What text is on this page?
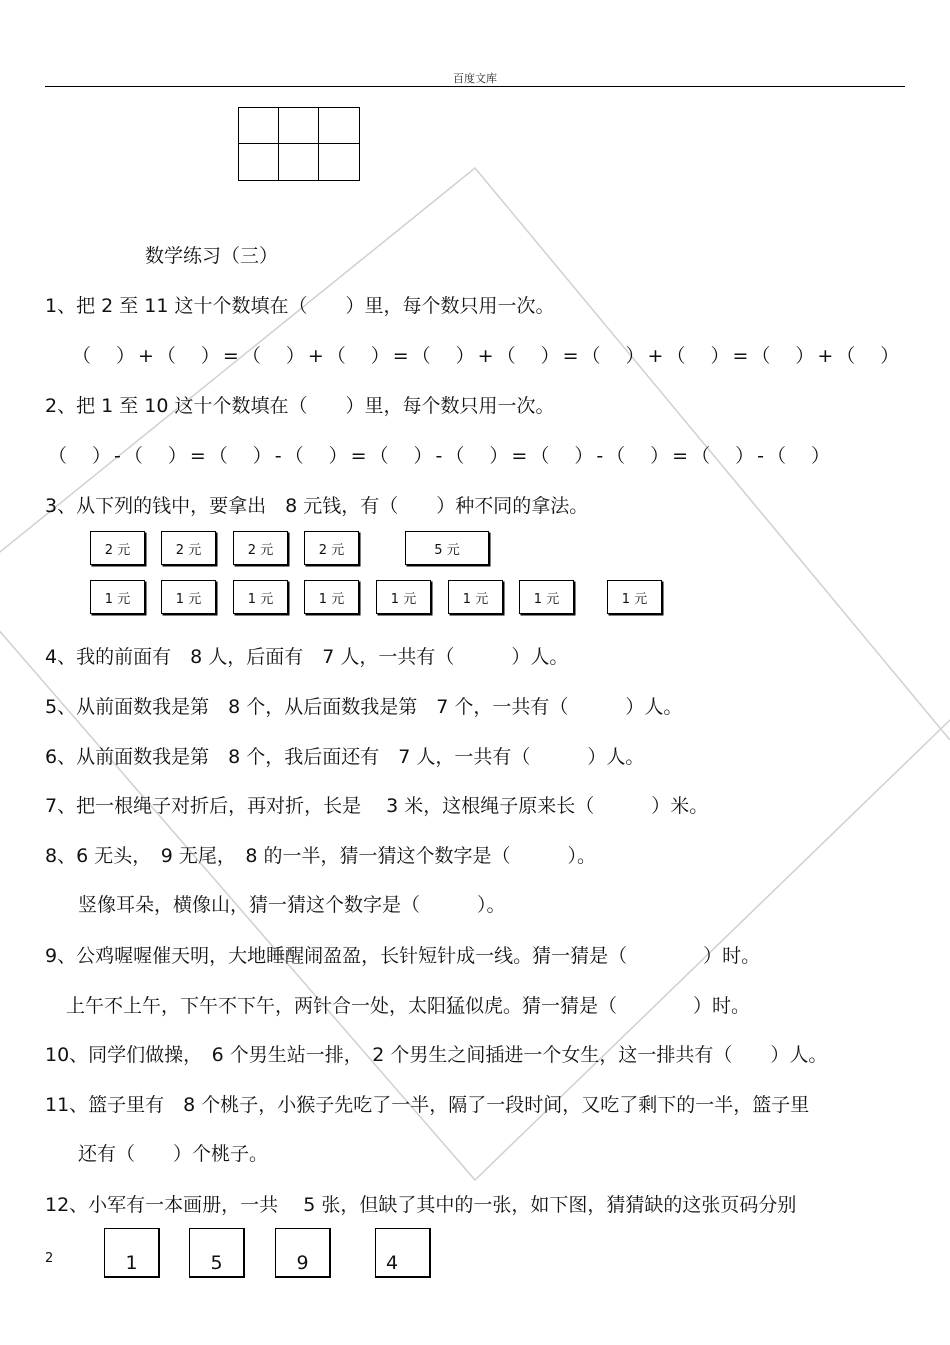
百度文库
数学练习（三）
1、把 2 至 11 这十个数填在（　　）里，每个数只用一次。
（　）+（　）=（　）+（　）=（　）+（　）=（　）+（　）=（　）+（　）
2、把 1 至 10 这十个数填在（　　）里，每个数只用一次。
（　）-（　）=（　）-（　）=（　）-（　）=（　）-（　）=（　）-（　）
3、从下列的钱中，要拿出　8 元钱，有（　　）种不同的拿法。
2 元	2 元	2 元	2 元	5 元
1 元	1 元	1 元	1 元	1 元	1 元	1 元	1 元
4、我的前面有　8 人，后面有　7 人，一共有（　　　）人。
5、从前面数我是第　8 个，从后面数我是第　7 个，一共有（　　　）人。
6、从前面数我是第　8 个，我后面还有　7 人，一共有（　　　）人。
7、把一根绳子对折后，再对折，长是　 3 米，这根绳子原来长（　　　）米。
8、6 无头，　9 无尾，　8 的一半，猜一猜这个数字是（　　　）。
竖像耳朵，横像山，猜一猜这个数字是（　　　）。
9、公鸡喔喔催天明，大地睡醒闹盈盈，长针短针成一线。猜一猜是（　　　　）时。
上午不上午，下午不下午，两针合一处，太阳猛似虎。猜一猜是（　　　　）时。
10、同学们做操，　6 个男生站一排，　2 个男生之间插进一个女生，这一排共有（　　）人。
11、篮子里有　8 个桃子，小猴子先吃了一半，隔了一段时间，又吃了剩下的一半，篮子里
还有（　　）个桃子。
12、小军有一本画册，一共　 5 张，但缺了其中的一张，如下图，猜猜缺的这张页码分别
2	1	5	9	4
